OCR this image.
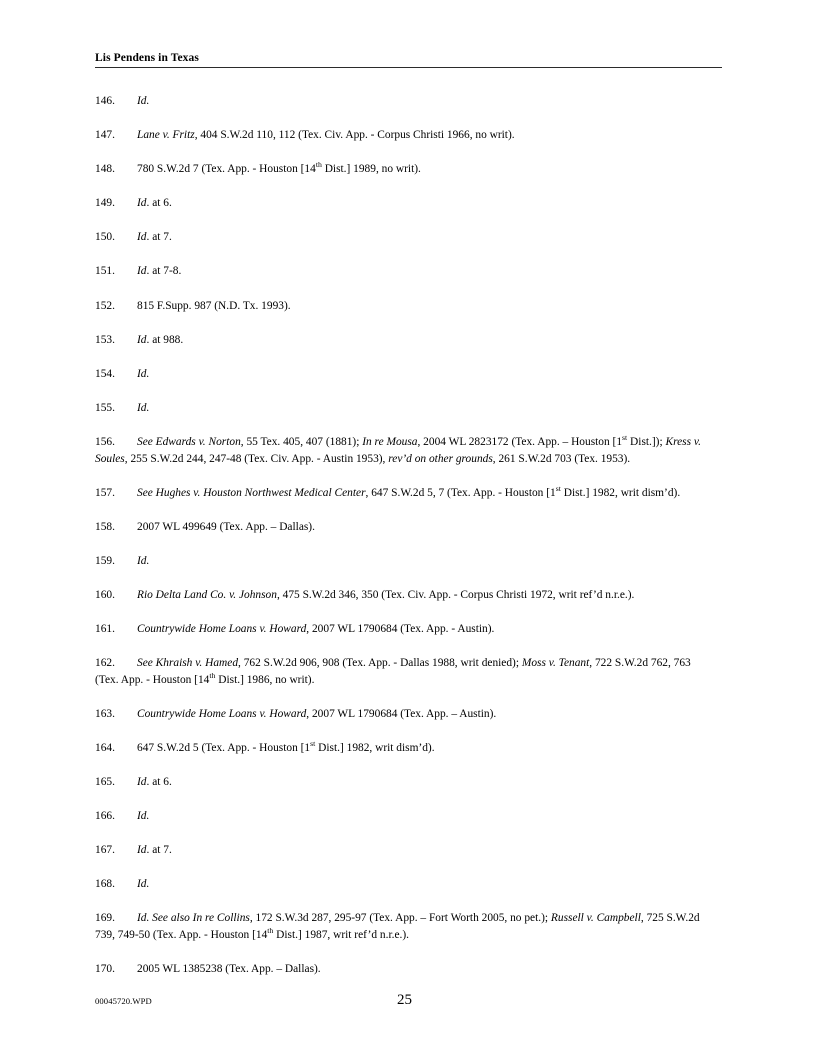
Lis Pendens in Texas
146. Id.
147. Lane v. Fritz, 404 S.W.2d 110, 112 (Tex. Civ. App. - Corpus Christi 1966, no writ).
148. 780 S.W.2d 7 (Tex. App. - Houston [14th Dist.] 1989, no writ).
149. Id. at 6.
150. Id. at 7.
151. Id. at 7-8.
152. 815 F.Supp. 987 (N.D. Tx. 1993).
153. Id. at 988.
154. Id.
155. Id.
156. See Edwards v. Norton, 55 Tex. 405, 407 (1881); In re Mousa, 2004 WL 2823172 (Tex. App. – Houston [1st Dist.]); Kress v. Soules, 255 S.W.2d 244, 247-48 (Tex. Civ. App. - Austin 1953), rev’d on other grounds, 261 S.W.2d 703 (Tex. 1953).
157. See Hughes v. Houston Northwest Medical Center, 647 S.W.2d 5, 7 (Tex. App. - Houston [1st Dist.] 1982, writ dism’d).
158. 2007 WL 499649 (Tex. App. – Dallas).
159. Id.
160. Rio Delta Land Co. v. Johnson, 475 S.W.2d 346, 350 (Tex. Civ. App. - Corpus Christi 1972, writ ref’d n.r.e.).
161. Countrywide Home Loans v. Howard, 2007 WL 1790684 (Tex. App. - Austin).
162. See Khraish v. Hamed, 762 S.W.2d 906, 908 (Tex. App. - Dallas 1988, writ denied); Moss v. Tenant, 722 S.W.2d 762, 763 (Tex. App. - Houston [14th Dist.] 1986, no writ).
163. Countrywide Home Loans v. Howard, 2007 WL 1790684 (Tex. App. – Austin).
164. 647 S.W.2d 5 (Tex. App. - Houston [1st Dist.] 1982, writ dism’d).
165. Id. at 6.
166. Id.
167. Id. at 7.
168. Id.
169. Id. See also In re Collins, 172 S.W.3d 287, 295-97 (Tex. App. – Fort Worth 2005, no pet.); Russell v. Campbell, 725 S.W.2d 739, 749-50 (Tex. App. - Houston [14th Dist.] 1987, writ ref’d n.r.e.).
170. 2005 WL 1385238 (Tex. App. – Dallas).
00045720.WPD	25
